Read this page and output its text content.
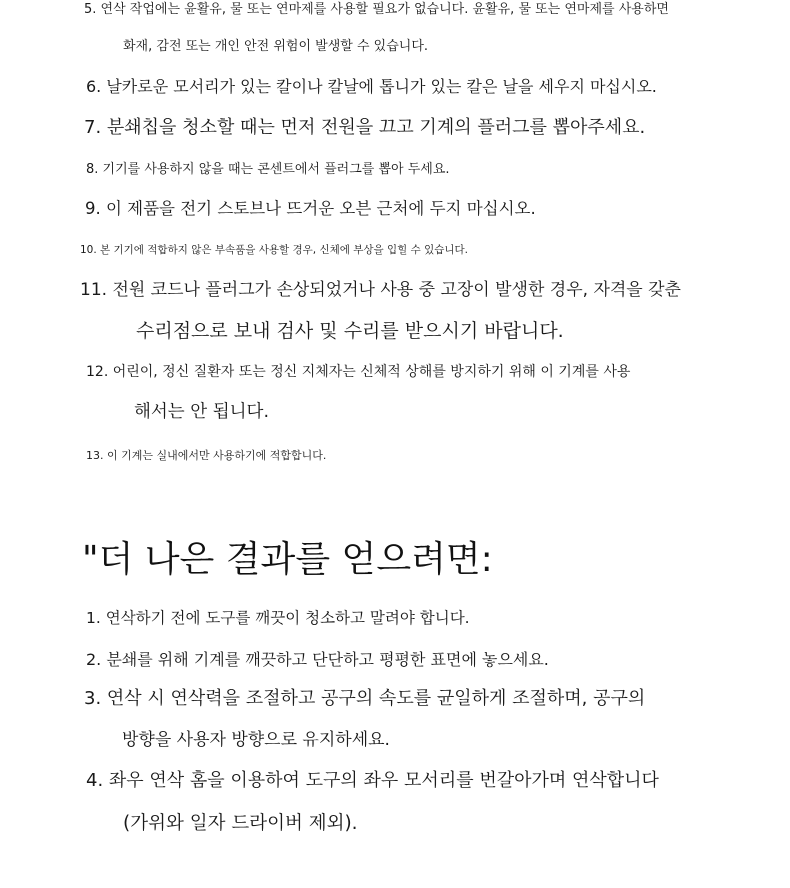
5. 연삭 작업에는 윤활유, 물 또는 연마제를 사용할 필요가 없습니다. 윤활유, 물 또는 연마제를 사용하면
화재, 감전 또는 개인 안전 위험이 발생할 수 있습니다.
6. 날카로운 모서리가 있는 칼이나 칼날에 톱니가 있는 칼은 날을 세우지 마십시오.
7. 분쇄칩을 청소할 때는 먼저 전원을 끄고 기계의 플러그를 뽑아주세요.
8. 기기를 사용하지 않을 때는 콘센트에서 플러그를 뽑아 두세요.
9. 이 제품을 전기 스토브나 뜨거운 오븐 근처에 두지 마십시오.
10. 본 기기에 적합하지 않은 부속품을 사용할 경우, 신체에 부상을 입힐 수 있습니다.
11. 전원 코드나 플러그가 손상되었거나 사용 중 고장이 발생한 경우, 자격을 갖춘
수리점으로 보내 검사 및 수리를 받으시기 바랍니다.
12. 어린이, 정신 질환자 또는 정신 지체자는 신체적 상해를 방지하기 위해 이 기계를 사용
해서는 안 됩니다.
13. 이 기계는 실내에서만 사용하기에 적합합니다.
"더 나은 결과를 얻으려면:
1. 연삭하기 전에 도구를 깨끗이 청소하고 말려야 합니다.
2. 분쇄를 위해 기계를 깨끗하고 단단하고 평평한 표면에 놓으세요.
3. 연삭 시 연삭력을 조절하고 공구의 속도를 균일하게 조절하며, 공구의
방향을 사용자 방향으로 유지하세요.
4. 좌우 연삭 홈을 이용하여 도구의 좌우 모서리를 번갈아가며 연삭합니다
(가위와 일자 드라이버 제외).
